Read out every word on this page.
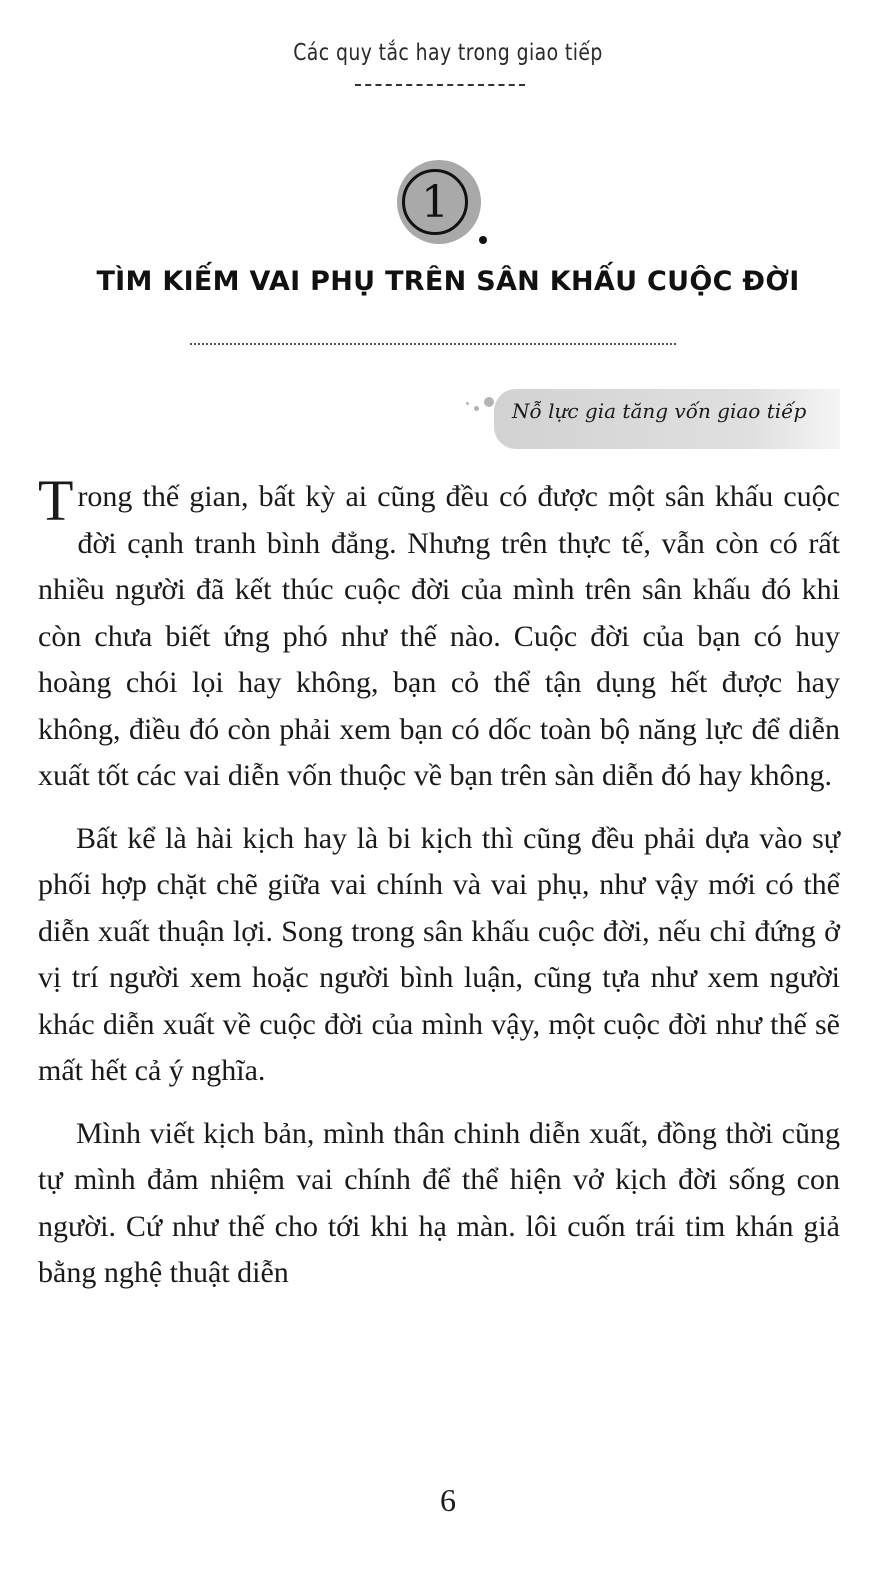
Các quy tắc hay trong giao tiếp
1
TÌM KIẾM VAI PHỤ TRÊN SÂN KHẤU CUỘC ĐỜI
Nỗ lực gia tăng vốn giao tiếp

Trong thế gian, bất kỳ ai cũng đều có được một sân khấu cuộc đời cạnh tranh bình đẳng. Nhưng trên thực tế, vẫn còn có rất nhiều người đã kết thúc cuộc đời của mình trên sân khấu đó khi còn chưa biết ứng phó như thế nào. Cuộc đời của bạn có huy hoàng chói lọi hay không, bạn cỏ thể tận dụng hết được hay không, điều đó còn phải xem bạn có dốc toàn bộ năng lực để diễn xuất tốt các vai diễn vốn thuộc về bạn trên sàn diễn đó hay không.

Bất kể là hài kịch hay là bi kịch thì cũng đều phải dựa vào sự phối hợp chặt chẽ giữa vai chính và vai phụ, như vậy mới có thể diễn xuất thuận lợi. Song trong sân khấu cuộc đời, nếu chỉ đứng ở vị trí người xem hoặc người bình luận, cũng tựa như xem người khác diễn xuất về cuộc đời của mình vậy, một cuộc đời như thế sẽ mất hết cả ý nghĩa.

Mình viết kịch bản, mình thân chinh diễn xuất, đồng thời cũng tự mình đảm nhiệm vai chính để thể hiện vở kịch đời sống con người. Cứ như thế cho tới khi hạ màn. lôi cuốn trái tim khán giả bằng nghệ thuật diễn

6
